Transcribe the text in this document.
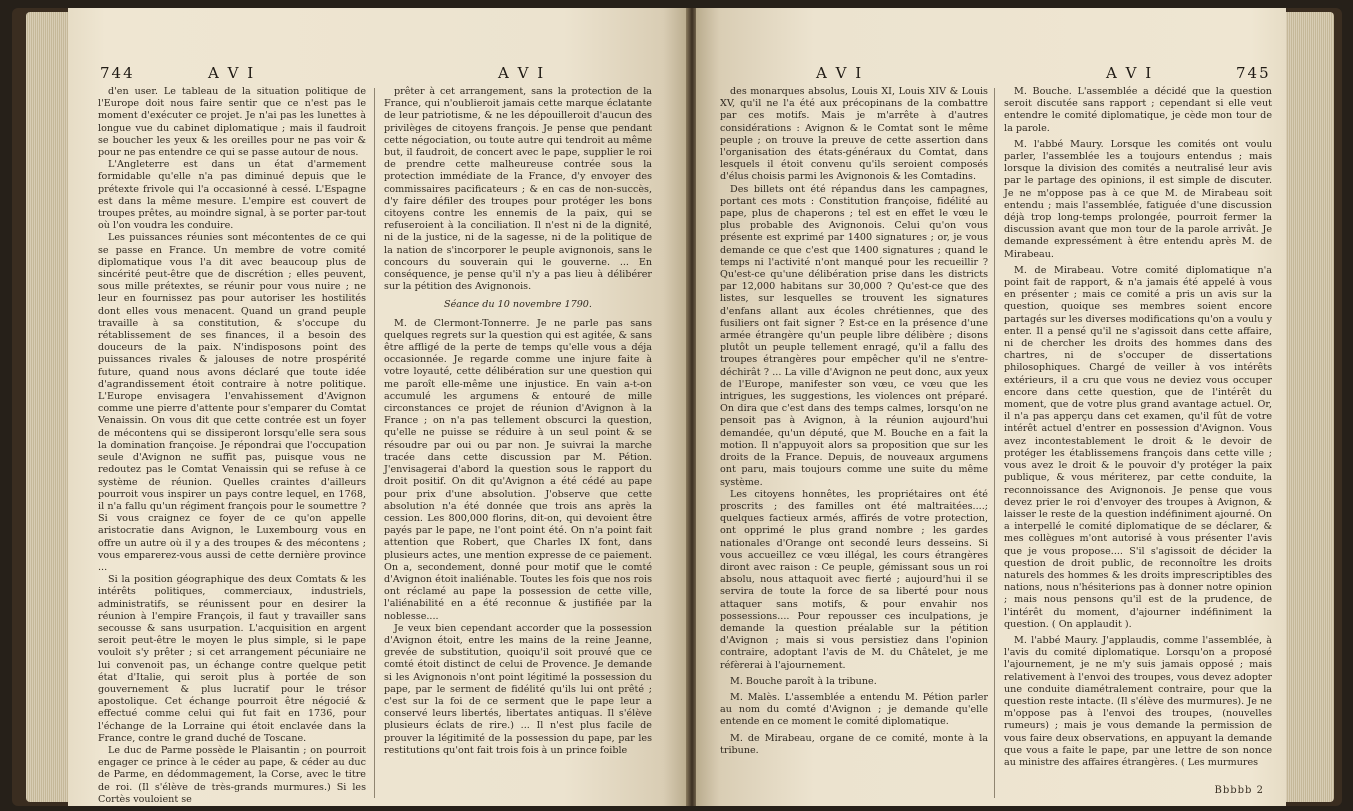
744	A V I	A V I

d'en user. Le tableau de la situation politique de l'Europe doit nous faire sentir que ce n'est pas le moment d'exécuter ce projet. Je n'ai pas les lunettes à longue vue du cabinet diplomatique ; mais il faudroit se boucher les yeux & les oreilles pour ne pas voir & pour ne pas entendre ce qui se passe autour de nous.

L'Angleterre est dans un état d'armement formidable qu'elle n'a pas diminué depuis que le prétexte frivole qui l'a occasionné à cessé. L'Espagne est dans la même mesure. L'empire est couvert de troupes prêtes, au moindre signal, à se porter par-tout où l'on voudra les conduire.

Les puissances réunies sont mécontentes de ce qui se passe en France. Un membre de votre comité diplomatique vous l'a dit avec beaucoup plus de sincérité peut-être que de discrétion ; elles peuvent, sous mille prétextes, se réunir pour vous nuire ; ne leur en fournissez pas pour autoriser les hostilités dont elles vous menacent. Quand un grand peuple travaille à sa constitution, & s'occupe du rétablissement de ses finances, il a besoin des douceurs de la paix. N'indisposons point des puissances rivales & jalouses de notre prospérité future, quand nous avons déclaré que toute idée d'agrandissement étoit contraire à notre politique. L'Europe envisagera l'envahissement d'Avignon comme une pierre d'attente pour s'emparer du Comtat Venaissin. On vous dit que cette contrée est un foyer de mécontens qui se dissiperont lorsqu'elle sera sous la domination françoise. Je répondrai que l'occupation seule d'Avignon ne suffit pas, puisque vous ne redoutez pas le Comtat Venaissin qui se refuse à ce système de réunion. Quelles craintes d'ailleurs pourroit vous inspirer un pays contre lequel, en 1768, il n'a fallu qu'un régiment françois pour le soumettre ? Si vous craignez ce foyer de ce qu'on appelle aristocratie dans Avignon, le Luxembourg vous en offre un autre où il y a des troupes & des mécontens ; vous emparerez-vous aussi de cette dernière province ...

Si la position géographique des deux Comtats & les intérêts politiques, commerciaux, industriels, administratifs, se réunissent pour en desirer la réunion à l'empire François, il faut y travailler sans secousse & sans usurpation. L'acquisition en argent seroit peut-être le moyen le plus simple, si le pape vouloit s'y prêter ; si cet arrangement pécuniaire ne lui convenoit pas, un échange contre quelque petit état d'Italie, qui seroit plus à portée de son gouvernement & plus lucratif pour le trésor apostolique. Cet échange pourroit être négocié & effectué comme celui qui fut fait en 1736, pour l'échange de la Lorraine qui étoit enclavée dans la France, contre le grand duché de Toscane.

Le duc de Parme possède le Plaisantin ; on pourroit engager ce prince à le céder au pape, & céder au duc de Parme, en dédommagement, la Corse, avec le titre de roi. (Il s'élève de très-grands murmures.) Si les Cortès vouloient se

prêter à cet arrangement, sans la protection de la France, qui n'oublieroit jamais cette marque éclatante de leur patriotisme, & ne les dépouilleroit d'aucun des privilèges de citoyens françois. Je pense que pendant cette négociation, ou toute autre qui tendroit au même but, il faudroit, de concert avec le pape, supplier le roi de prendre cette malheureuse contrée sous la protection immédiate de la France, d'y envoyer des commissaires pacificateurs ; & en cas de non-succès, d'y faire défiler des troupes pour protéger les bons citoyens contre les ennemis de la paix, qui se refuseroient à la conciliation. Il n'est ni de la dignité, ni de la justice, ni de la sagesse, ni de la politique de la nation de s'incorporer le peuple avignonois, sans le concours du souverain qui le gouverne. ... En conséquence, je pense qu'il n'y a pas lieu à délibérer sur la pétition des Avignonois.

Séance du 10 novembre 1790.

M. de Clermont-Tonnerre. Je ne parle pas sans quelques regrets sur la question qui est agitée, & sans être affligé de la perte de temps qu'elle vous a déja occasionnée. Je regarde comme une injure faite à votre loyauté, cette délibération sur une question qui me paroît elle-même une injustice. En vain a-t-on accumulé les argumens & entouré de mille circonstances ce projet de réunion d'Avignon à la France ; on n'a pas tellement obscurci la question, qu'elle ne puisse se réduire à un seul point & se résoudre par oui ou par non. Je suivrai la marche tracée dans cette discussion par M. Pétion. J'envisagerai d'abord la question sous le rapport du droit positif. On dit qu'Avignon a été cédé au pape pour prix d'une absolution. J'observe que cette absolution n'a été donnée que trois ans après la cession. Les 800,000 florins, dit-on, qui devoient être payés par le pape, ne l'ont point été. On n'a point fait attention que Robert, que Charles IX font, dans plusieurs actes, une mention expresse de ce paiement. On a, secondement, donné pour motif que le comté d'Avignon étoit inaliénable. Toutes les fois que nos rois ont réclamé au pape la possession de cette ville, l'aliénabilité en a été reconnue & justifiée par la noblesse....

Je veux bien cependant accorder que la possession d'Avignon étoit, entre les mains de la reine Jeanne, grevée de substitution, quoiqu'il soit prouvé que ce comté étoit distinct de celui de Provence. Je demande si les Avignonois n'ont point légitimé la possession du pape, par le serment de fidélité qu'ils lui ont prêté ; c'est sur la foi de ce serment que le pape leur a conservé leurs libertés, libertates antiquas. Il s'élève plusieurs éclats de rire.) ... Il n'est plus facile de prouver la légitimité de la possession du pape, par les restitutions qu'ont fait trois fois à un prince foible

A V I	A V I	745

des monarques absolus, Louis XI, Louis XIV & Louis XV, qu'il ne l'a été aux précopinans de la combattre par ces motifs. Mais je m'arrête à d'autres considérations : Avignon & le Comtat sont le même peuple ; on trouve la preuve de cette assertion dans l'organisation des états-généraux du Comtat, dans lesquels il étoit convenu qu'ils seroient composés d'élus choisis parmi les Avignonois & les Comtadins.

Des billets ont été répandus dans les campagnes, portant ces mots : Constitution françoise, fidélité au pape, plus de chaperons ; tel est en effet le vœu le plus probable des Avignonois. Celui qu'on vous présente est exprimé par 1400 signatures ; or, je vous demande ce que c'est que 1400 signatures ; quand le temps ni l'activité n'ont manqué pour les recueillir ? Qu'est-ce qu'une délibération prise dans les districts par 12,000 habitans sur 30,000 ? Qu'est-ce que des listes, sur lesquelles se trouvent les signatures d'enfans allant aux écoles chrétiennes, que des fusiliers ont fait signer ? Est-ce en la présence d'une armée étrangère qu'un peuple libre délibère ; disons plutôt un peuple tellement enragé, qu'il a fallu des troupes étrangères pour empêcher qu'il ne s'entre-déchirât ? ... La ville d'Avignon ne peut donc, aux yeux de l'Europe, manifester son vœu, ce vœu que les intrigues, les suggestions, les violences ont préparé. On dira que c'est dans des temps calmes, lorsqu'on ne pensoit pas à Avignon, à la réunion aujourd'hui demandée, qu'un député, que M. Bouche en a fait la motion. Il n'appuyoit alors sa proposition que sur les droits de la France. Depuis, de nouveaux argumens ont paru, mais toujours comme une suite du même système.

Les citoyens honnêtes, les propriétaires ont été proscrits ; des familles ont été maltraitées....; quelques factieux armés, affirés de votre protection, ont opprimé le plus grand nombre ; les gardes nationales d'Orange ont secondé leurs desseins. Si vous accueillez ce vœu illégal, les cours étrangères diront avec raison : Ce peuple, gémissant sous un roi absolu, nous attaquoit avec fierté ; aujourd'hui il se servira de toute la force de sa liberté pour nous attaquer sans motifs, & pour envahir nos possessions.... Pour repousser ces inculpations, je demande la question préalable sur la pétition d'Avignon ; mais si vous persistiez dans l'opinion contraire, adoptant l'avis de M. du Châtelet, je me réfèrerai à l'ajournement.

M. Bouche paroît à la tribune.

M. Malès. L'assemblée a entendu M. Pétion parler au nom du comté d'Avignon ; je demande qu'elle entende en ce moment le comité diplomatique.

M. de Mirabeau, organe de ce comité, monte à la tribune.

M. Bouche. L'assemblée a décidé que la question seroit discutée sans rapport ; cependant si elle veut entendre le comité diplomatique, je cède mon tour de la parole.

M. l'abbé Maury. Lorsque les comités ont voulu parler, l'assemblée les a toujours entendus ; mais lorsque la division des comités a neutralisé leur avis par le partage des opinions, il est simple de discuter. Je ne m'oppose pas à ce que M. de Mirabeau soit entendu ; mais l'assemblée, fatiguée d'une discussion déjà trop long-temps prolongée, pourroit fermer la discussion avant que mon tour de la parole arrivât. Je demande expressément à être entendu après M. de Mirabeau.

M. de Mirabeau. Votre comité diplomatique n'a point fait de rapport, & n'a jamais été appelé à vous en présenter ; mais ce comité a pris un avis sur la question, quoique ses membres soient encore partagés sur les diverses modifications qu'on a voulu y enter. Il a pensé qu'il ne s'agissoit dans cette affaire, ni de chercher les droits des hommes dans des chartres, ni de s'occuper de dissertations philosophiques. Chargé de veiller à vos intérêts extérieurs, il a cru que vous ne deviez vous occuper encore dans cette question, que de l'intérêt du moment, que de votre plus grand avantage actuel. Or, il n'a pas apperçu dans cet examen, qu'il fût de votre intérêt actuel d'entrer en possession d'Avignon. Vous avez incontestablement le droit & le devoir de protéger les établissemens françois dans cette ville ; vous avez le droit & le pouvoir d'y protéger la paix publique, & vous mériterez, par cette conduite, la reconnoissance des Avignonois. Je pense que vous devez prier le roi d'envoyer des troupes à Avignon, & laisser le reste de la question indéfiniment ajourné. On a interpellé le comité diplomatique de se déclarer, & mes collègues m'ont autorisé à vous présenter l'avis que je vous propose.... S'il s'agissoit de décider la question de droit public, de reconnoître les droits naturels des hommes & les droits imprescriptibles des nations, nous n'hésiterions pas à donner notre opinion ; mais nous pensons qu'il est de la prudence, de l'intérêt du moment, d'ajourner indéfiniment la question. ( On applaudit ).

M. l'abbé Maury. J'applaudis, comme l'assemblée, à l'avis du comité diplomatique. Lorsqu'on a proposé l'ajournement, je ne m'y suis jamais opposé ; mais relativement à l'envoi des troupes, vous devez adopter une conduite diamétralement contraire, pour que la question reste intacte. (Il s'élève des murmures). Je ne m'oppose pas à l'envoi des troupes, (nouvelles rumeurs) ; mais je vous demande la permission de vous faire deux observations, en appuyant la demande que vous a faite le pape, par une lettre de son nonce au ministre des affaires étrangères. ( Les murmures

Bbbbb 2
